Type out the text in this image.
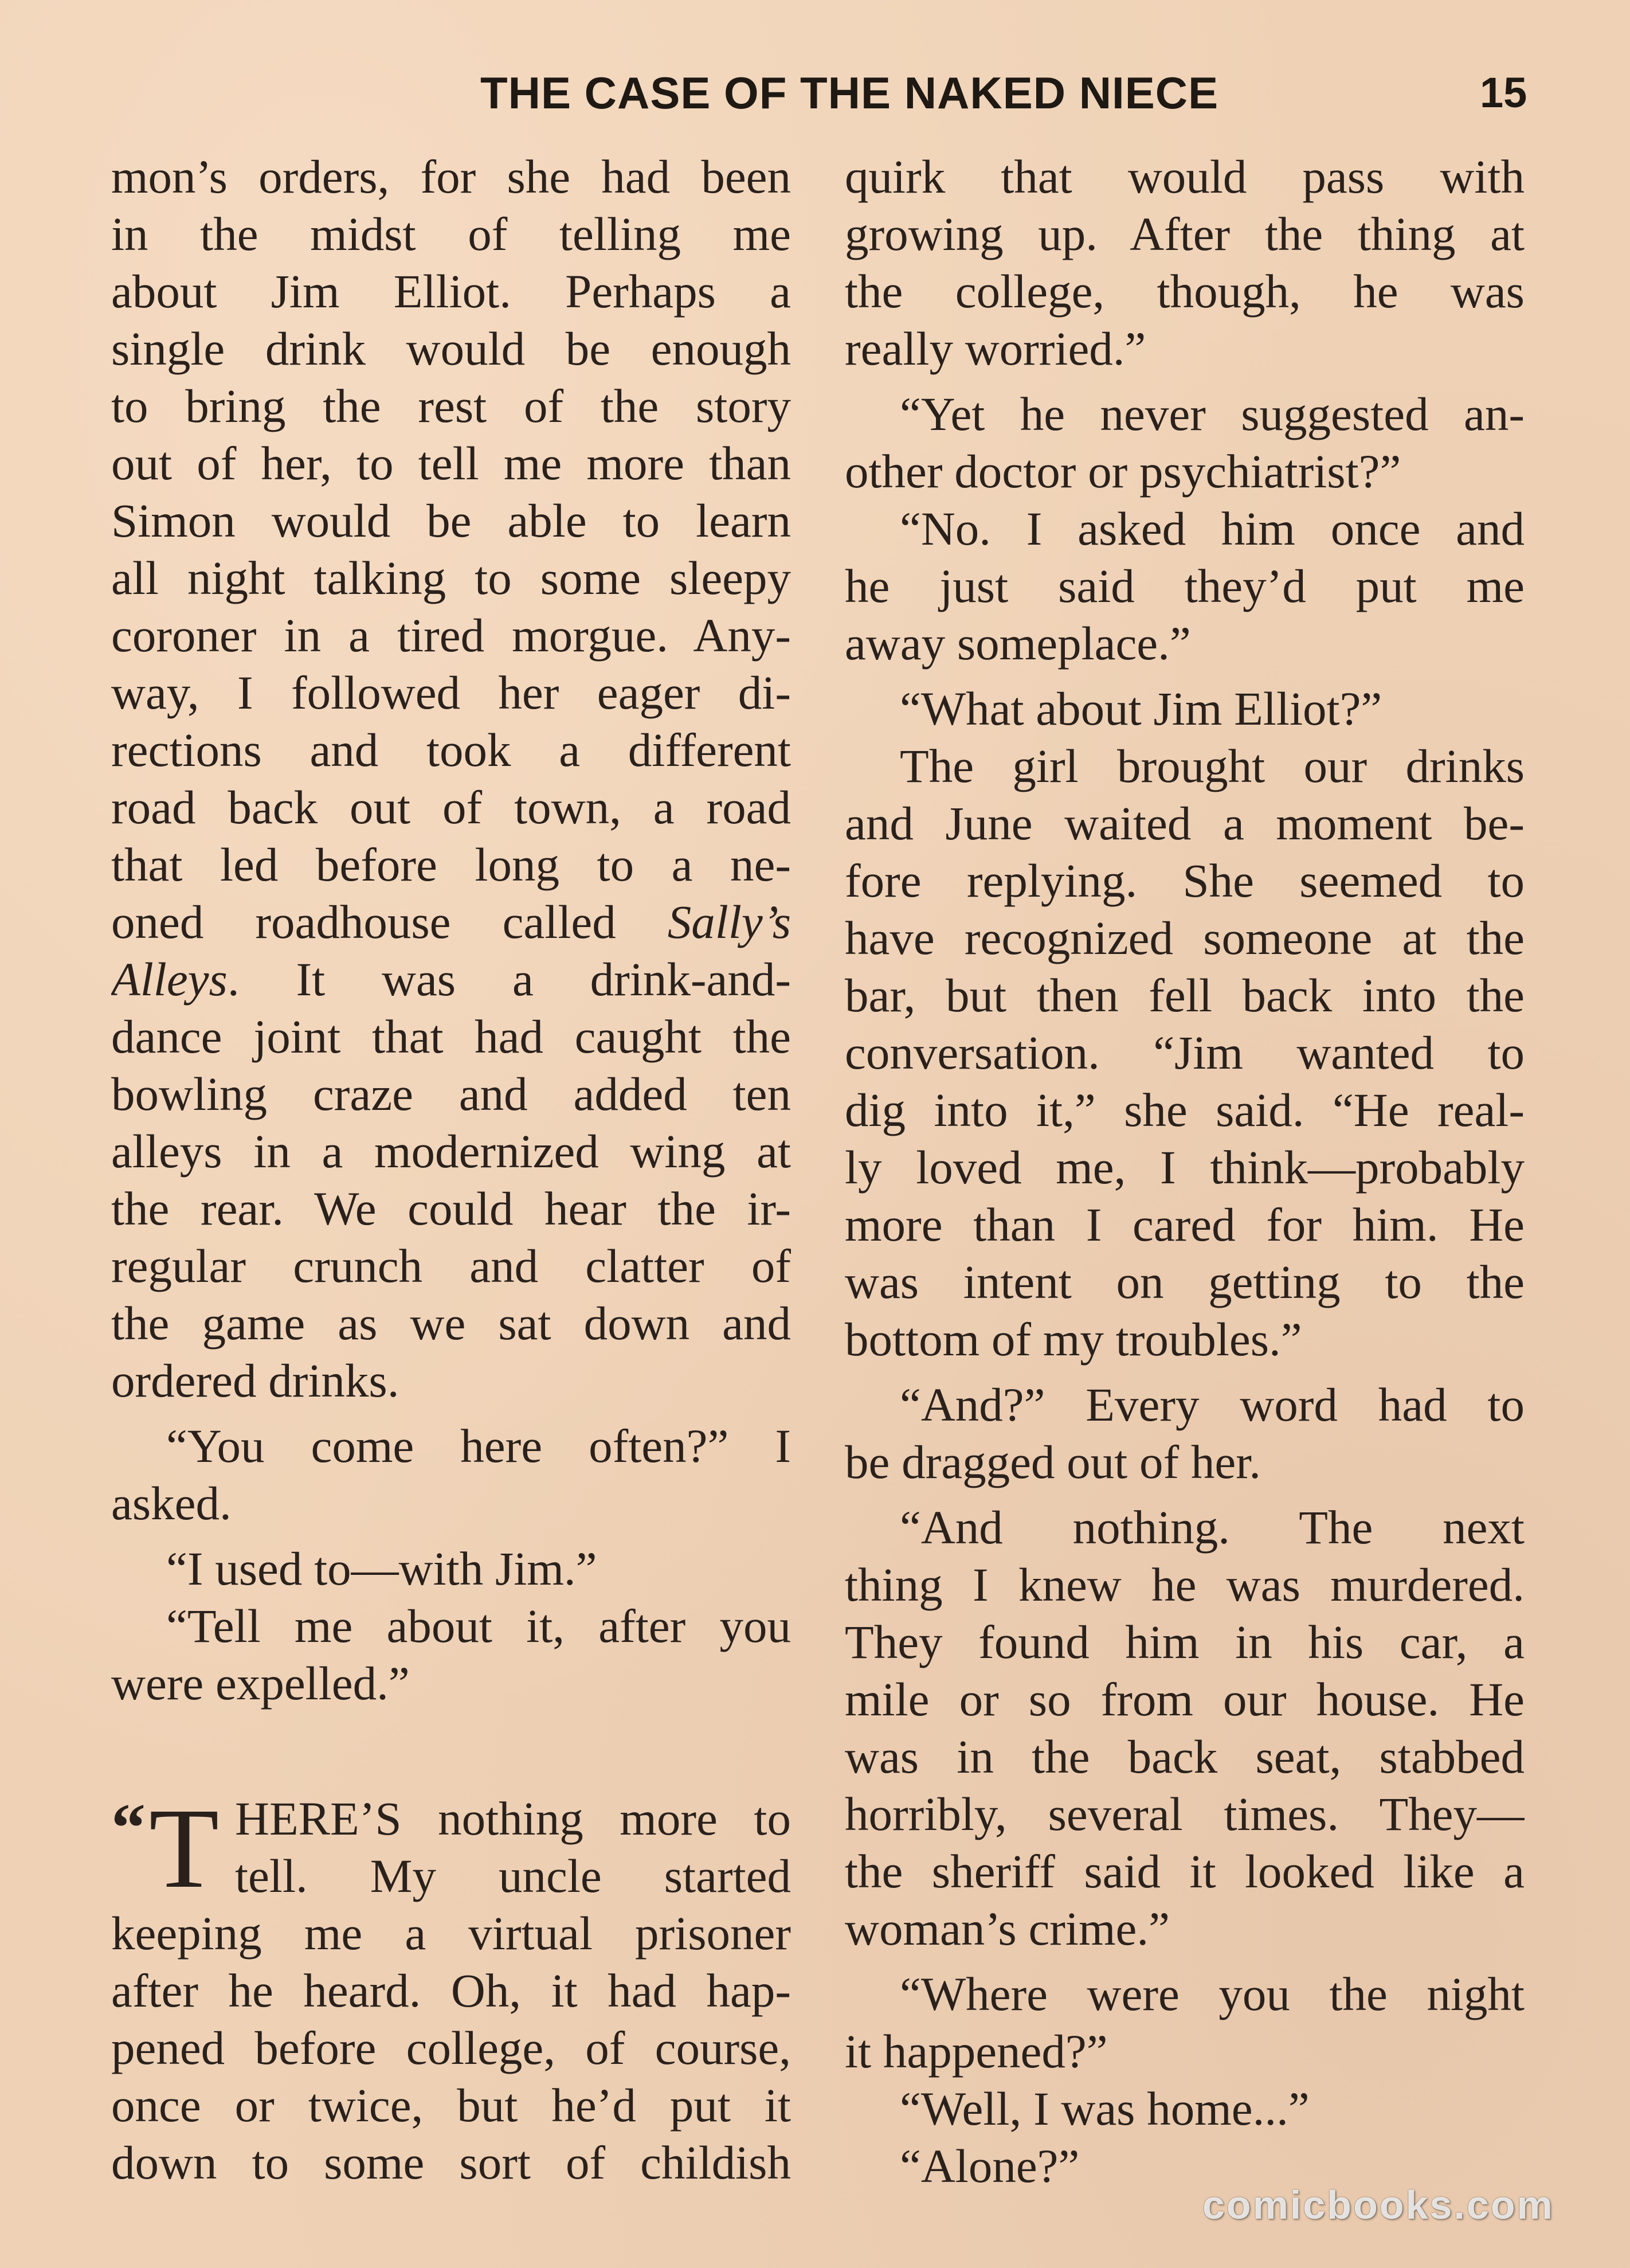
THE CASE OF THE NAKED NIECE	15
mon’s orders, for she had been
in the midst of telling me
about Jim Elliot. Perhaps a
single drink would be enough
to bring the rest of the story
out of her, to tell me more than
Simon would be able to learn
all night talking to some sleepy
coroner in a tired morgue. Any-
way, I followed her eager di-
rections and took a different
road back out of town, a road
that led before long to a ne-
oned roadhouse called Sally’s
Alleys. It was a drink-and-
dance joint that had caught the
bowling craze and added ten
alleys in a modernized wing at
the rear. We could hear the ir-
regular crunch and clatter of
the game as we sat down and
ordered drinks.
“You come here often?” I
asked.
“I used to—with Jim.”
“Tell me about it, after you
were expelled.”
“ T HERE’S nothing more to
tell. My uncle started
keeping me a virtual prisoner
after he heard. Oh, it had hap-
pened before college, of course,
once or twice, but he’d put it
down to some sort of childish
quirk that would pass with
growing up. After the thing at
the college, though, he was
really worried.”
“Yet he never suggested an-
other doctor or psychiatrist?”
“No. I asked him once and
he just said they’d put me
away someplace.”
“What about Jim Elliot?”
The girl brought our drinks
and June waited a moment be-
fore replying. She seemed to
have recognized someone at the
bar, but then fell back into the
conversation. “Jim wanted to
dig into it,” she said. “He real-
ly loved me, I think—probably
more than I cared for him. He
was intent on getting to the
bottom of my troubles.”
“And?” Every word had to
be dragged out of her.
“And nothing. The next
thing I knew he was murdered.
They found him in his car, a
mile or so from our house. He
was in the back seat, stabbed
horribly, several times. They—
the sheriff said it looked like a
woman’s crime.”
“Where were you the night
it happened?”
“Well, I was home...”
“Alone?”
comicbooks.com
